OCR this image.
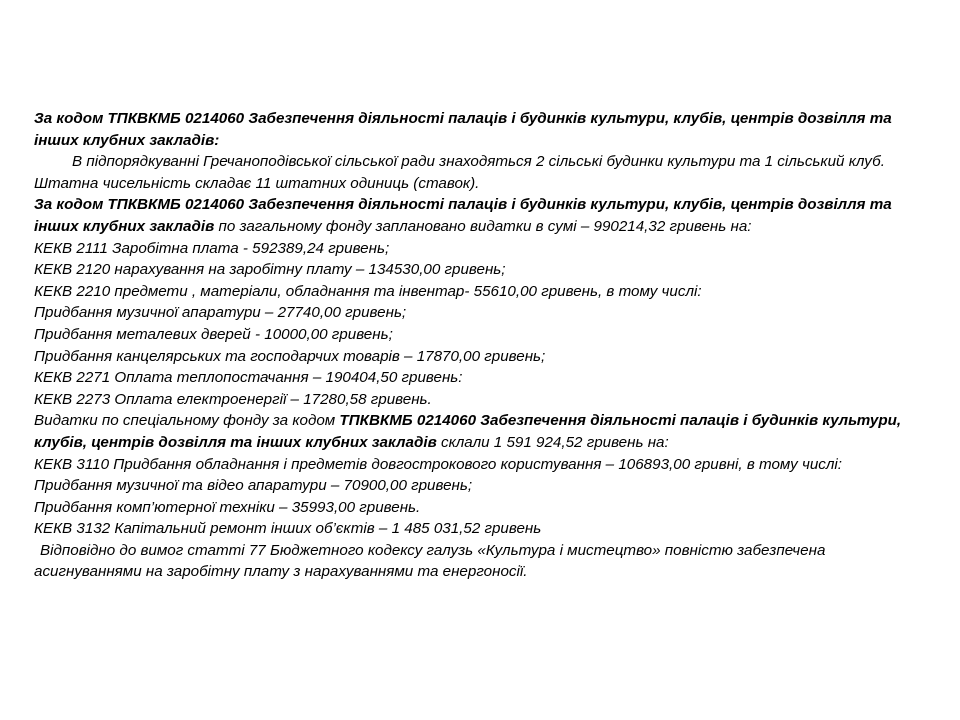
За кодом ТПКВКМБ 0214060 Забезпечення діяльності палаців і будинків культури, клубів, центрів дозвілля та інших клубних закладів:

В підпорядкуванні Гречаноподівської сільської ради знаходяться 2 сільські будинки культури та 1 сільський клуб. Штатна чисельність складає 11 штатних одиниць (ставок).

За кодом ТПКВКМБ 0214060 Забезпечення діяльності палаців і будинків культури, клубів, центрів дозвілля та інших клубних закладів по загальному фонду заплановано видатки в сумі – 990214,32 гривень на:

КЕКВ 2111 Заробітна плата - 592389,24 гривень;

КЕКВ 2120 нарахування на заробітну плату – 134530,00 гривень;

КЕКВ 2210 предмети , матеріали, обладнання та інвентар- 55610,00 гривень, в тому числі:

Придбання музичної апаратури – 27740,00 гривень;

Придбання металевих дверей - 10000,00 гривень;

Придбання канцелярських та господарчих товарів – 17870,00 гривень;

КЕКВ 2271 Оплата теплопостачання – 190404,50 гривень:

КЕКВ 2273 Оплата електроенергії – 17280,58 гривень.

Видатки по спеціальному фонду за кодом ТПКВКМБ 0214060 Забезпечення діяльності палаців і будинків культури, клубів, центрів дозвілля та інших клубних закладів склали 1 591 924,52 гривень на:

КЕКВ 3110 Придбання обладнання і предметів довгострокового користування – 106893,00 гривні, в тому числі:

Придбання музичної та відео апаратури – 70900,00 гривень;

Придбання комп’ютерної техніки – 35993,00 гривень.

КЕКВ 3132 Капітальний ремонт інших об’єктів – 1 485 031,52 гривень

Відповідно до вимог статті 77 Бюджетного кодексу галузь «Культура і мистецтво» повністю забезпечена асигнуваннями на заробітну плату з нарахуваннями та енергоносії.
